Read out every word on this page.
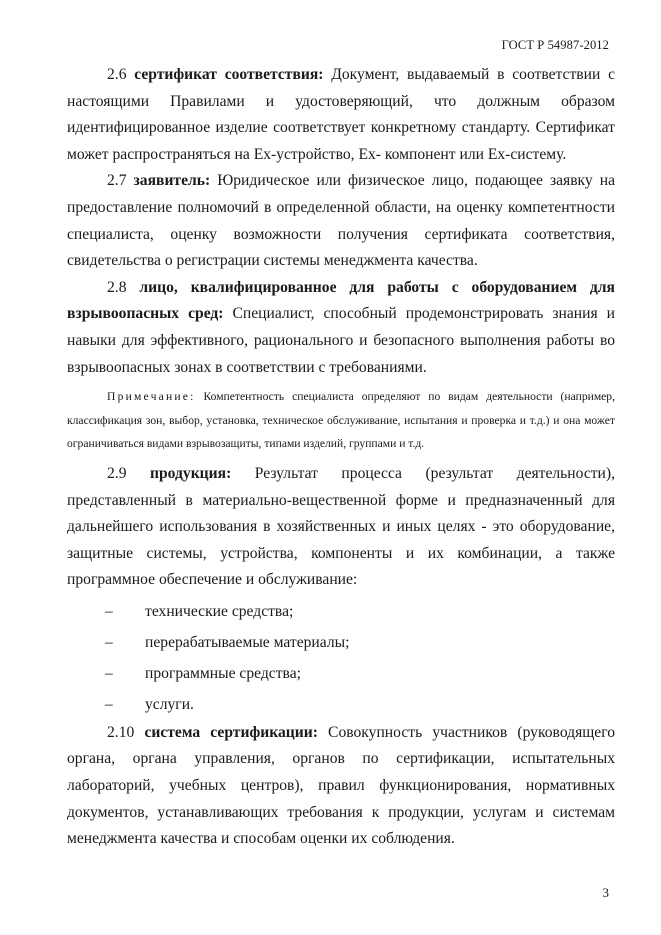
ГОСТ Р 54987-2012

2.6 сертификат соответствия: Документ, выдаваемый в соответствии с настоящими Правилами и удостоверяющий, что должным образом идентифицированное изделие соответствует конкретному стандарту. Сертификат может распространяться на Ex-устройство, Ex- компонент или Ex-систему.

2.7 заявитель: Юридическое или физическое лицо, подающее заявку на предоставление полномочий в определенной области, на оценку компетентности специалиста, оценку возможности получения сертификата соответствия, свидетельства о регистрации системы менеджмента качества.

2.8 лицо, квалифицированное для работы с оборудованием для взрывоопасных сред: Специалист, способный продемонстрировать знания и навыки для эффективного, рационального и безопасного выполнения работы во взрывоопасных зонах в соответствии с требованиями.

Примечание: Компетентность специалиста определяют по видам деятельности (например, классификация зон, выбор, установка, техническое обслуживание, испытания и проверка и т.д.) и она может ограничиваться видами взрывозащиты, типами изделий, группами и т.д.

2.9 продукция: Результат процесса (результат деятельности), представленный в материально-вещественной форме и предназначенный для дальнейшего использования в хозяйственных и иных целях - это оборудование, защитные системы, устройства, компоненты и их комбинации, а также программное обеспечение и обслуживание:

– технические средства;
– перерабатываемые материалы;
– программные средства;
– услуги.

2.10 система сертификации: Совокупность участников (руководящего органа, органа управления, органов по сертификации, испытательных лабораторий, учебных центров), правил функционирования, нормативных документов, устанавливающих требования к продукции, услугам и системам менеджмента качества и способам оценки их соблюдения.

3
